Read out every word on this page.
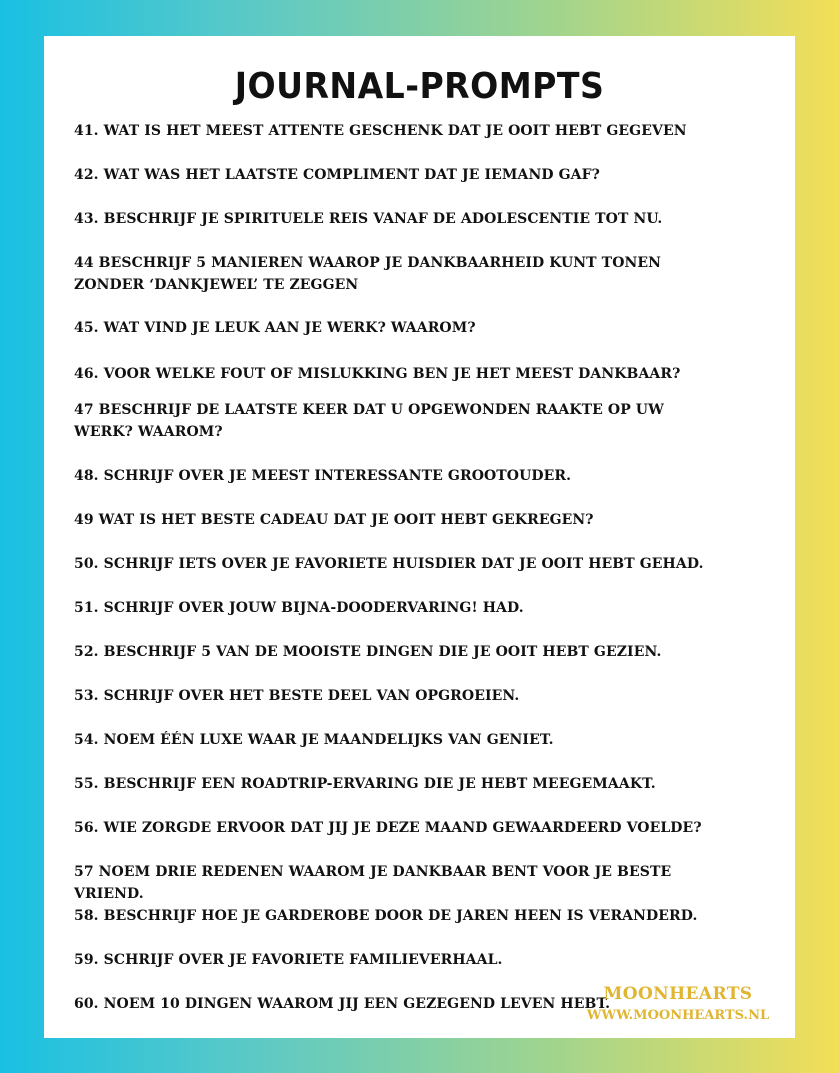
JOURNAL-PROMPTS

41. WAT IS HET MEEST ATTENTE GESCHENK DAT JE OOIT HEBT GEGEVEN

42. WAT WAS HET LAATSTE COMPLIMENT DAT JE IEMAND GAF?

43. BESCHRIJF JE SPIRITUELE REIS VANAF DE ADOLESCENTIE TOT NU.

44 BESCHRIJF 5 MANIEREN WAAROP JE DANKBAARHEID KUNT TONEN ZONDER ‘DANKJEWEL’ TE ZEGGEN

45. WAT VIND JE LEUK AAN JE WERK? WAAROM?

46. VOOR WELKE FOUT OF MISLUKKING BEN JE HET MEEST DANKBAAR?

47 BESCHRIJF DE LAATSTE KEER DAT U OPGEWONDEN RAAKTE OP UW WERK? WAAROM?

48. SCHRIJF OVER JE MEEST INTERESSANTE GROOTOUDER.

49 WAT IS HET BESTE CADEAU DAT JE OOIT HEBT GEKREGEN?

50. SCHRIJF IETS OVER JE FAVORIETE HUISDIER DAT JE OOIT HEBT GEHAD.

51. SCHRIJF OVER JOUW BIJNA-DOODERVARING! HAD.

52. BESCHRIJF 5 VAN DE MOOISTE DINGEN DIE JE OOIT HEBT GEZIEN.

53. SCHRIJF OVER HET BESTE DEEL VAN OPGROEIEN.

54. NOEM ÉÉN LUXE WAAR JE MAANDELIJKS VAN GENIET.

55. BESCHRIJF EEN ROADTRIP-ERVARING DIE JE HEBT MEEGEMAAKT.

56. WIE ZORGDE ERVOOR DAT JIJ JE DEZE MAAND GEWAARDEERD VOELDE?

57 NOEM DRIE REDENEN WAAROM JE DANKBAAR BENT VOOR JE BESTE VRIEND.

58. BESCHRIJF HOE JE GARDEROBE DOOR DE JAREN HEEN IS VERANDERD.

59. SCHRIJF OVER JE FAVORIETE FAMILIEVERHAAL.

60. NOEM 10 DINGEN WAAROM JIJ EEN GEZEGEND LEVEN HEBT.

MOONHEARTS
WWW.MOONHEARTS.NL
